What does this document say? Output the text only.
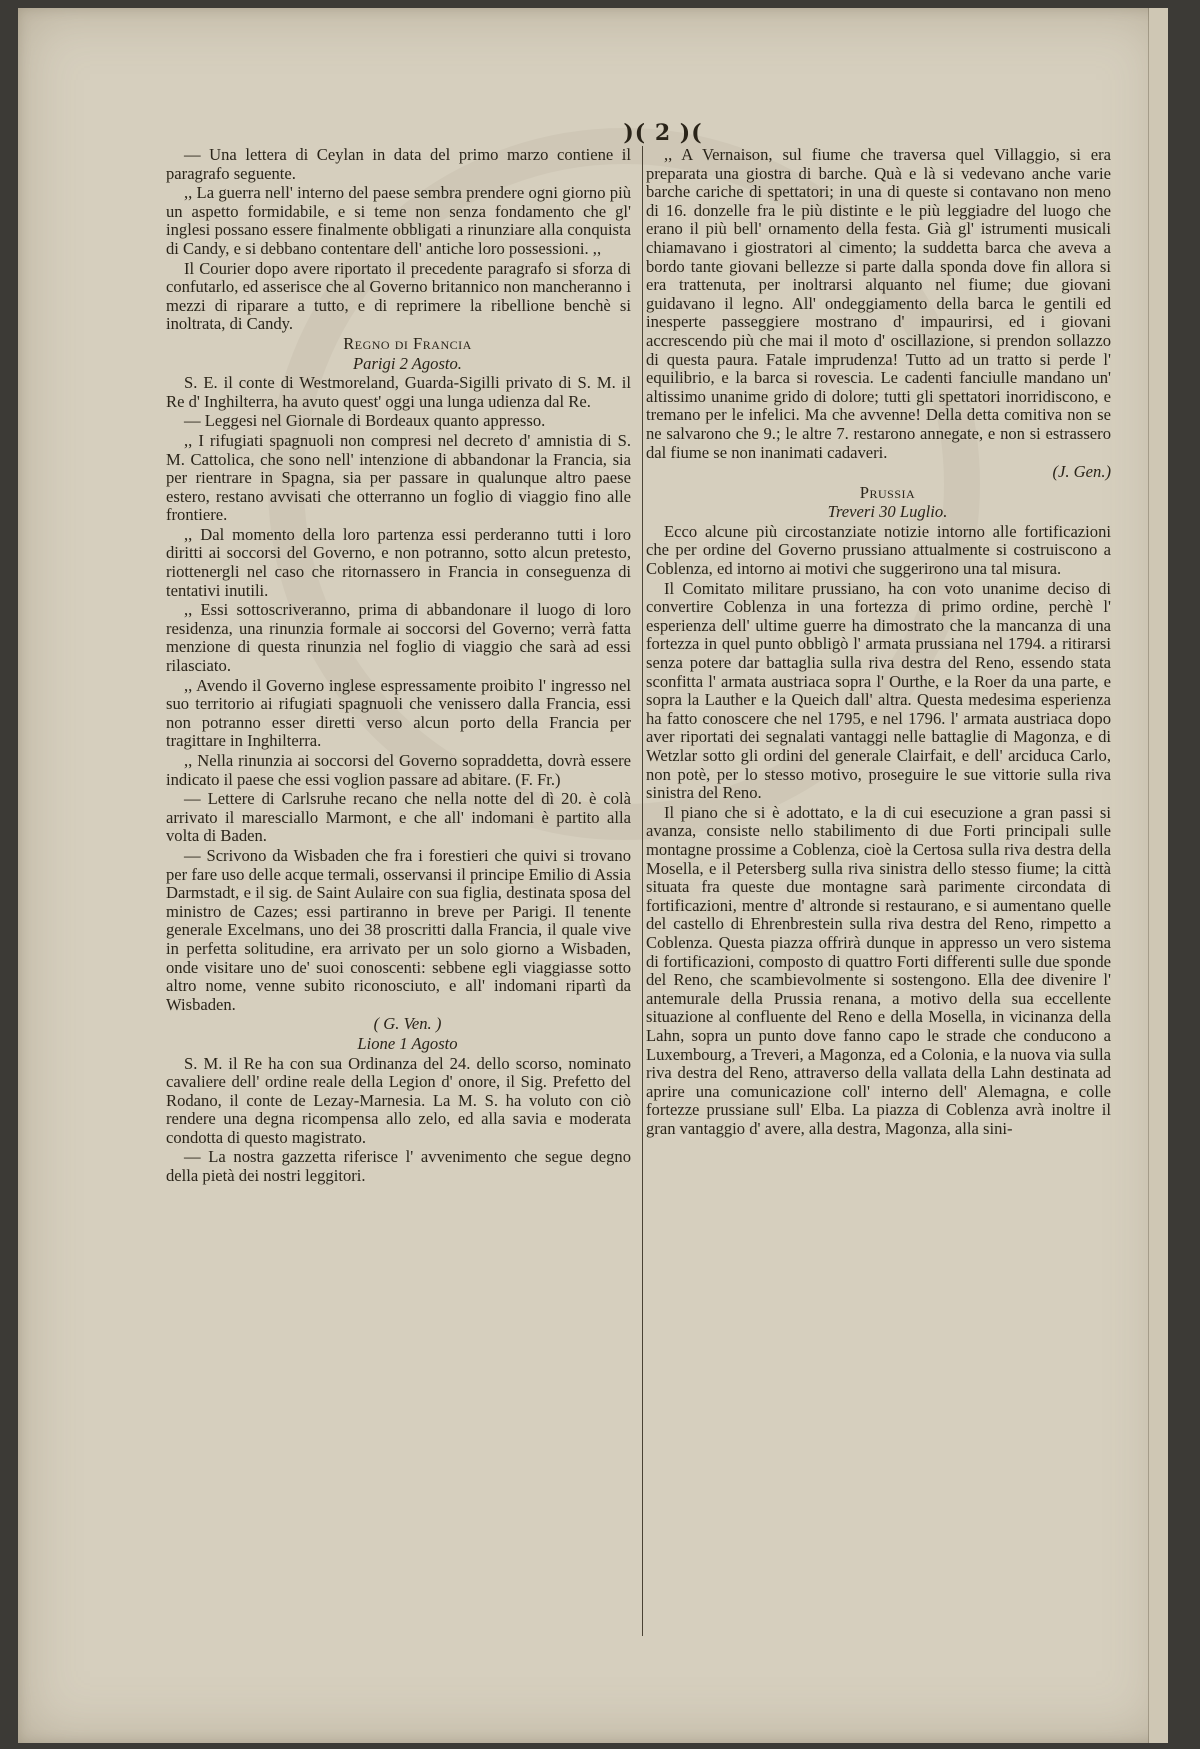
)( 2 )(

— Una lettera di Ceylan in data del primo marzo contiene il paragrafo seguente.

,, La guerra nell' interno del paese sembra prendere ogni giorno più un aspetto formidabile, e si teme non senza fondamento che gl' inglesi possano essere finalmente obbligati a rinunziare alla conquista di Candy, e si debbano contentare dell' antiche loro possessioni. ,,

Il Courier dopo avere riportato il precedente paragrafo si sforza di confutarlo, ed asserisce che al Governo britannico non mancheranno i mezzi di riparare a tutto, e di reprimere la ribellione benchè si inoltrata, di Candy.

Regno di Francia

Parigi 2 Agosto.

S. E. il conte di Westmoreland, Guarda-Sigilli privato di S. M. il Re d' Inghilterra, ha avuto quest' oggi una lunga udienza dal Re.

— Leggesi nel Giornale di Bordeaux quanto appresso.

,, I rifugiati spagnuoli non compresi nel decreto d' amnistia di S. M. Cattolica, che sono nell' intenzione di abbandonar la Francia, sia per rientrare in Spagna, sia per passare in qualunque altro paese estero, restano avvisati che otterranno un foglio di viaggio fino alle frontiere.

,, Dal momento della loro partenza essi perderanno tutti i loro diritti ai soccorsi del Governo, e non potranno, sotto alcun pretesto, riottenergli nel caso che ritornassero in Francia in conseguenza di tentativi inutili.

,, Essi sottoscriveranno, prima di abbandonare il luogo di loro residenza, una rinunzia formale ai soccorsi del Governo; verrà fatta menzione di questa rinunzia nel foglio di viaggio che sarà ad essi rilasciato.

,, Avendo il Governo inglese espressamente proibito l' ingresso nel suo territorio ai rifugiati spagnuoli che venissero dalla Francia, essi non potranno esser diretti verso alcun porto della Francia per tragittare in Inghilterra.

,, Nella rinunzia ai soccorsi del Governo sopraddetta, dovrà essere indicato il paese che essi voglion passare ad abitare. (F. Fr.)

— Lettere di Carlsruhe recano che nella notte del dì 20. è colà arrivato il maresciallo Marmont, e che all' indomani è partito alla volta di Baden.

— Scrivono da Wisbaden che fra i forestieri che quivi si trovano per fare uso delle acque termali, osservansi il principe Emilio di Assia Darmstadt, e il sig. de Saint Aulaire con sua figlia, destinata sposa del ministro de Cazes; essi partiranno in breve per Parigi. Il tenente generale Excelmans, uno dei 38 proscritti dalla Francia, il quale vive in perfetta solitudine, era arrivato per un solo giorno a Wisbaden, onde visitare uno de' suoi conoscenti: sebbene egli viaggiasse sotto altro nome, venne subito riconosciuto, e all' indomani ripartì da Wisbaden.

( G. Ven. )

Lione 1 Agosto

S. M. il Re ha con sua Ordinanza del 24. dello scorso, nominato cavaliere dell' ordine reale della Legion d' onore, il Sig. Prefetto del Rodano, il conte de Lezay-Marnesia. La M. S. ha voluto con ciò rendere una degna ricompensa allo zelo, ed alla savia e moderata condotta di questo magistrato.

— La nostra gazzetta riferisce l' avvenimento che segue degno della pietà dei nostri leggitori.

,, A Vernaison, sul fiume che traversa quel Villaggio, si era preparata una giostra di barche. Quà e là si vedevano anche varie barche cariche di spettatori; in una di queste si contavano non meno di 16. donzelle fra le più distinte e le più leggiadre del luogo che erano il più bell' ornamento della festa. Già gl' istrumenti musicali chiamavano i giostratori al cimento; la suddetta barca che aveva a bordo tante giovani bellezze si parte dalla sponda dove fin allora si era trattenuta, per inoltrarsi alquanto nel fiume; due giovani guidavano il legno. All' ondeggiamento della barca le gentili ed inesperte passeggiere mostrano d' impaurirsi, ed i giovani accrescendo più che mai il moto d' oscillazione, si prendon sollazzo di questa paura. Fatale imprudenza! Tutto ad un tratto si perde l' equilibrio, e la barca si rovescia. Le cadenti fanciulle mandano un' altissimo unanime grido di dolore; tutti gli spettatori inorridiscono, e tremano per le infelici. Ma che avvenne! Della detta comitiva non se ne salvarono che 9.; le altre 7. restarono annegate, e non si estrassero dal fiume se non inanimati cadaveri.

(J. Gen.)

Prussia

Treveri 30 Luglio.

Ecco alcune più circostanziate notizie intorno alle fortificazioni che per ordine del Governo prussiano attualmente si costruiscono a Coblenza, ed intorno ai motivi che suggerirono una tal misura.

Il Comitato militare prussiano, ha con voto unanime deciso di convertire Coblenza in una fortezza di primo ordine, perchè l' esperienza dell' ultime guerre ha dimostrato che la mancanza di una fortezza in quel punto obbligò l' armata prussiana nel 1794. a ritirarsi senza potere dar battaglia sulla riva destra del Reno, essendo stata sconfitta l' armata austriaca sopra l' Ourthe, e la Roer da una parte, e sopra la Lauther e la Queich dall' altra. Questa medesima esperienza ha fatto conoscere che nel 1795, e nel 1796. l' armata austriaca dopo aver riportati dei segnalati vantaggi nelle battaglie di Magonza, e di Wetzlar sotto gli ordini del generale Clairfait, e dell' arciduca Carlo, non potè, per lo stesso motivo, proseguire le sue vittorie sulla riva sinistra del Reno.

Il piano che si è adottato, e la di cui esecuzione a gran passi si avanza, consiste nello stabilimento di due Forti principali sulle montagne prossime a Coblenza, cioè la Certosa sulla riva destra della Mosella, e il Petersberg sulla riva sinistra dello stesso fiume; la città situata fra queste due montagne sarà parimente circondata di fortificazioni, mentre d' altronde si restaurano, e si aumentano quelle del castello di Ehrenbrestein sulla riva destra del Reno, rimpetto a Coblenza. Questa piazza offrirà dunque in appresso un vero sistema di fortificazioni, composto di quattro Forti differenti sulle due sponde del Reno, che scambievolmente si sostengono. Ella dee divenire l' antemurale della Prussia renana, a motivo della sua eccellente situazione al confluente del Reno e della Mosella, in vicinanza della Lahn, sopra un punto dove fanno capo le strade che conducono a Luxembourg, a Treveri, a Magonza, ed a Colonia, e la nuova via sulla riva destra del Reno, attraverso della vallata della Lahn destinata ad aprire una comunicazione coll' interno dell' Alemagna, e colle fortezze prussiane sull' Elba. La piazza di Coblenza avrà inoltre il gran vantaggio d' avere, alla destra, Magonza, alla sini-
